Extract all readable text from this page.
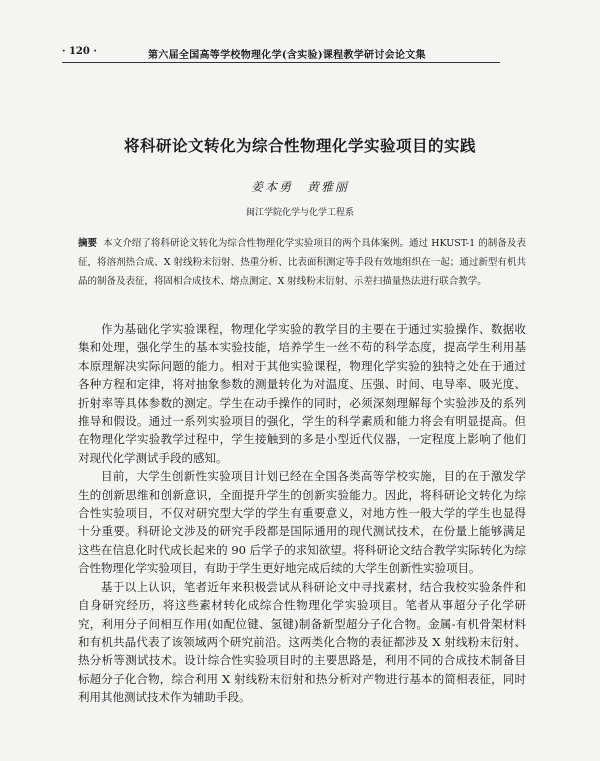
· 120 ·	第六届全国高等学校物理化学(含实验)课程教学研讨会论文集
将科研论文转化为综合性物理化学实验项目的实践
姜本勇　黄雅丽
闽江学院化学与化学工程系
摘要 本文介绍了将科研论文转化为综合性物理化学实验项目的两个具体案例。通过 HKUST-1 的制备及表征，将溶剂热合成、X 射线粉末衍射、热重分析、比表面积测定等手段有效地组织在一起；通过新型有机共晶的制备及表征，将固相合成技术、熔点测定、X 射线粉末衍射、示差扫描量热法进行联合教学。

作为基础化学实验课程，物理化学实验的教学目的主要在于通过实验操作、数据收集和处理，强化学生的基本实验技能，培养学生一丝不苟的科学态度，提高学生利用基本原理解决实际问题的能力。相对于其他实验课程，物理化学实验的独特之处在于通过各种方程和定律，将对抽象参数的测量转化为对温度、压强、时间、电导率、吸光度、折射率等具体参数的测定。学生在动手操作的同时，必须深刻理解每个实验涉及的系列推导和假设。通过一系列实验项目的强化，学生的科学素质和能力将会有明显提高。但在物理化学实验教学过程中，学生接触到的多是小型近代仪器，一定程度上影响了他们对现代化学测试手段的感知。

目前，大学生创新性实验项目计划已经在全国各类高等学校实施，目的在于激发学生的创新思维和创新意识，全面提升学生的创新实验能力。因此，将科研论文转化为综合性实验项目，不仅对研究型大学的学生有重要意义，对地方性一般大学的学生也显得十分重要。科研论文涉及的研究手段都是国际通用的现代测试技术，在份量上能够满足这些在信息化时代成长起来的 90 后学子的求知欲望。将科研论文结合教学实际转化为综合性物理化学实验项目，有助于学生更好地完成后续的大学生创新性实验项目。

基于以上认识，笔者近年来积极尝试从科研论文中寻找素材，结合我校实验条件和自身研究经历，将这些素材转化成综合性物理化学实验项目。笔者从事超分子化学研究，利用分子间相互作用(如配位键、氢键)制备新型超分子化合物。金属-有机骨架材料和有机共晶代表了该领域两个研究前沿。这两类化合物的表征都涉及 X 射线粉末衍射、热分析等测试技术。设计综合性实验项目时的主要思路是，利用不同的合成技术制备目标超分子化合物，综合利用 X 射线粉末衍射和热分析对产物进行基本的简相表征，同时利用其他测试技术作为辅助手段。
